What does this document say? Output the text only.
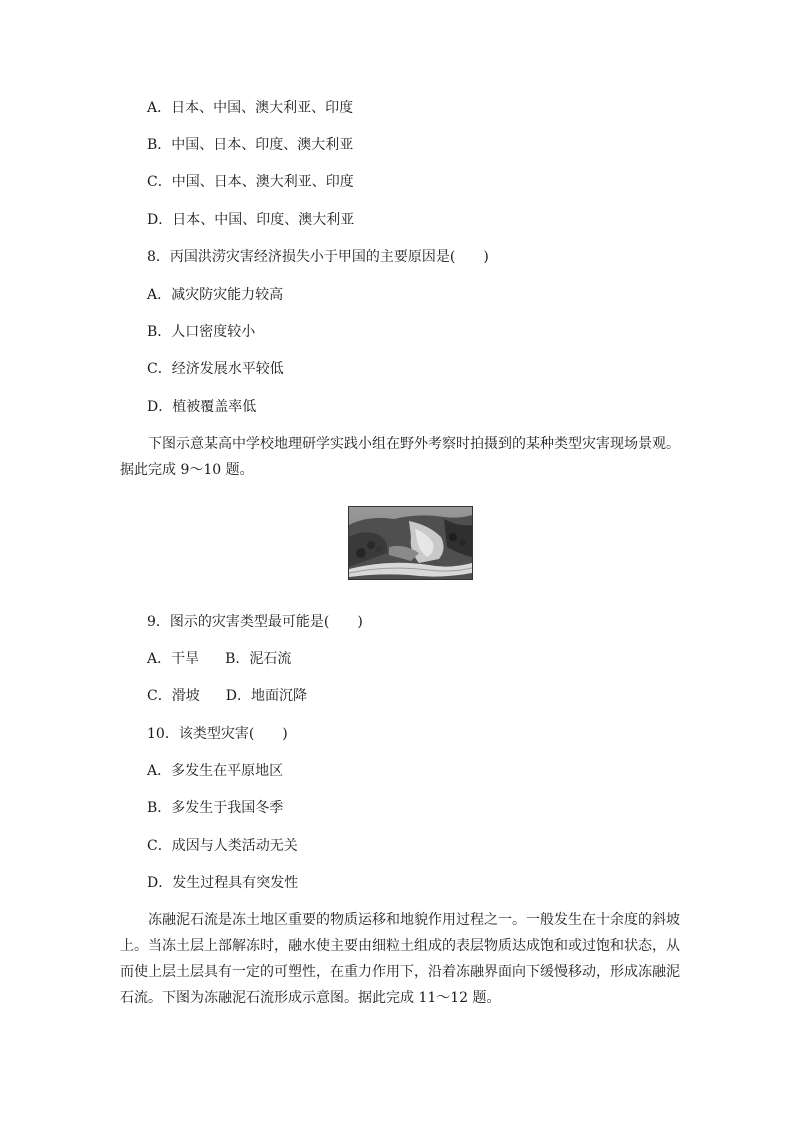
A．日本、中国、澳大利亚、印度
B．中国、日本、印度、澳大利亚
C．中国、日本、澳大利亚、印度
D．日本、中国、印度、澳大利亚
8．丙国洪涝灾害经济损失小于甲国的主要原因是(　　)
A．减灾防灾能力较高
B．人口密度较小
C．经济发展水平较低
D．植被覆盖率低
下图示意某高中学校地理研学实践小组在野外考察时拍摄到的某种类型灾害现场景观。据此完成 9～10 题。
9．图示的灾害类型最可能是(　　)
A．干旱 B．泥石流
C．滑坡 D．地面沉降
10．该类型灾害(　　)
A．多发生在平原地区
B．多发生于我国冬季
C．成因与人类活动无关
D．发生过程具有突发性
冻融泥石流是冻土地区重要的物质运移和地貌作用过程之一。一般发生在十余度的斜坡上。当冻土层上部解冻时，融水使主要由细粒土组成的表层物质达成饱和或过饱和状态，从而使上层土层具有一定的可塑性，在重力作用下，沿着冻融界面向下缓慢移动，形成冻融泥石流。下图为冻融泥石流形成示意图。据此完成 11～12 题。
